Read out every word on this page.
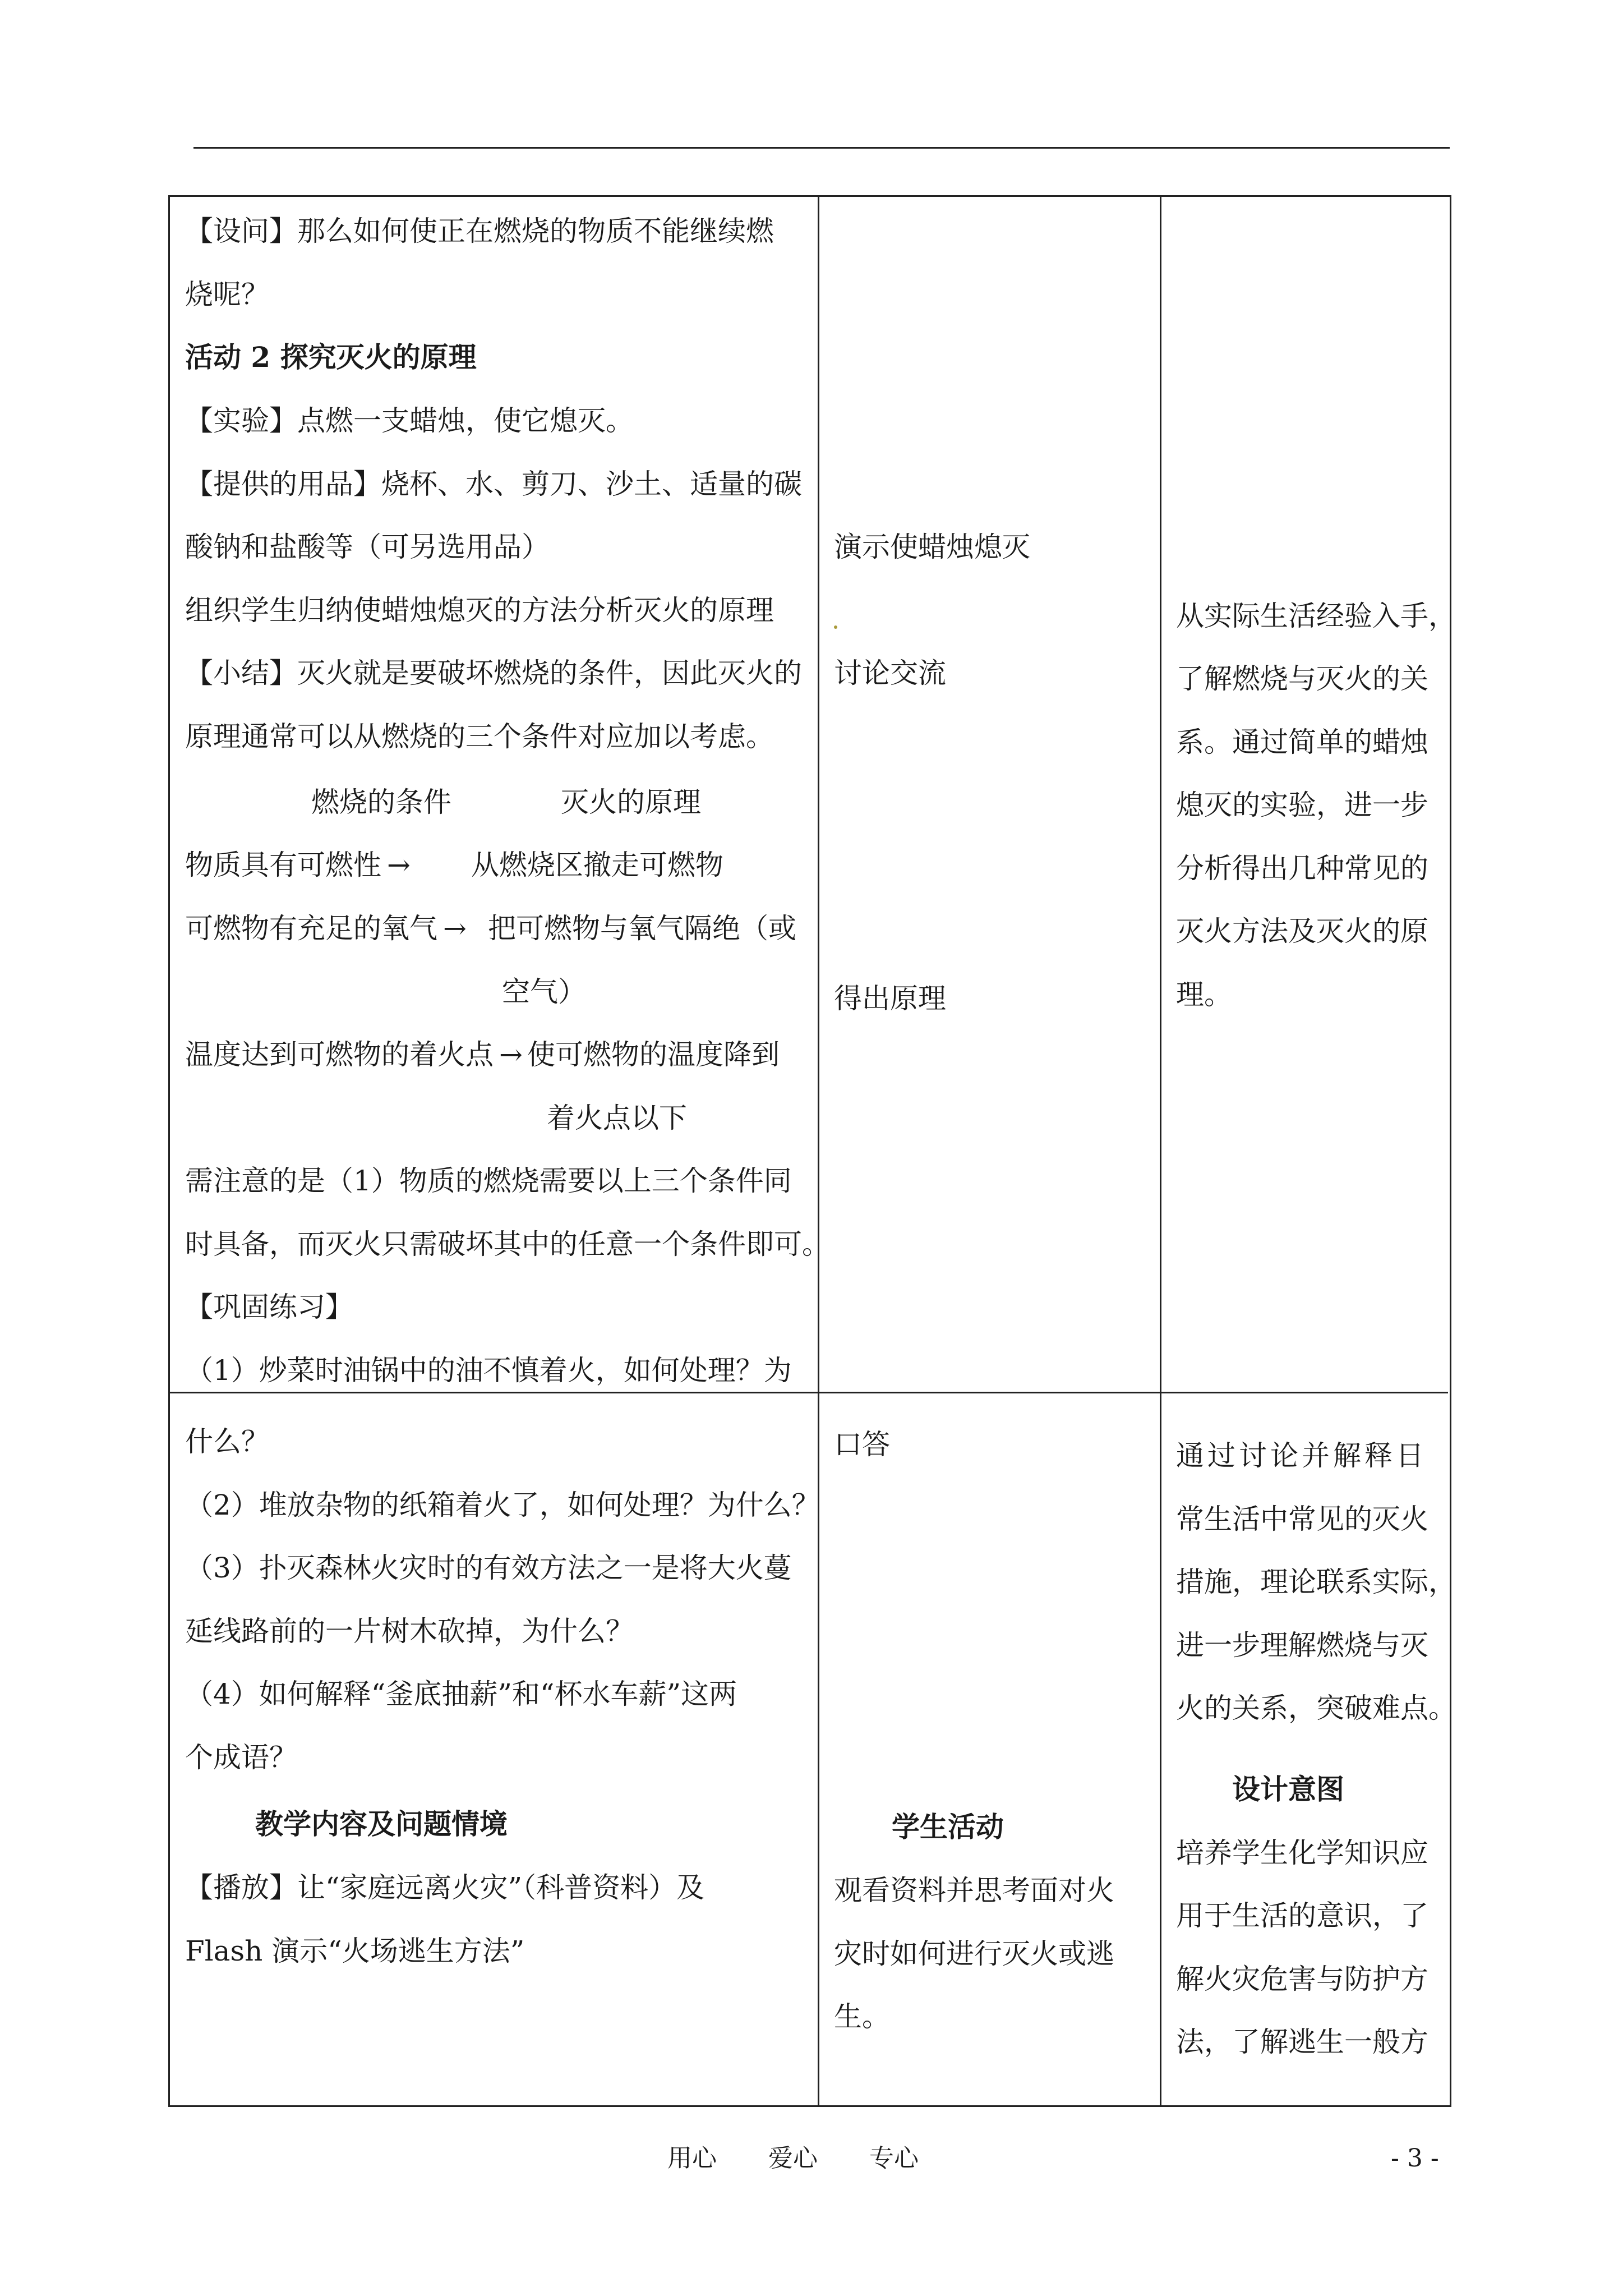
【设问】那么如何使正在燃烧的物质不能继续燃
烧呢？
活动 2 探究灭火的原理
【实验】点燃一支蜡烛，使它熄灭。
【提供的用品】烧杯、水、剪刀、沙土、适量的碳
酸钠和盐酸等（可另选用品）
组织学生归纳使蜡烛熄灭的方法分析灭火的原理
【小结】灭火就是要破坏燃烧的条件，因此灭火的
原理通常可以从燃烧的三个条件对应加以考虑。
燃烧的条件	灭火的原理
物质具有可燃性 → 从燃烧区撤走可燃物
可燃物有充足的氧气 → 把可燃物与氧气隔绝（或
空气）
温度达到可燃物的着火点 → 使可燃物的温度降到
着火点以下
需注意的是（1）物质的燃烧需要以上三个条件同
时具备，而灭火只需破坏其中的任意一个条件即可。
【巩固练习】
（1）炒菜时油锅中的油不慎着火，如何处理？为
什么？
（2）堆放杂物的纸箱着火了，如何处理？为什么？
（3）扑灭森林火灾时的有效方法之一是将大火蔓
延线路前的一片树木砍掉，为什么？
（4）如何解释“釜底抽薪”和“杯水车薪”这两
个成语？
教学内容及问题情境
【播放】让“家庭远离火灾”（科普资料）及
Flash 演示“火场逃生方法”
演示使蜡烛熄灭
讨论交流
得出原理
口答
学生活动
观看资料并思考面对火
灾时如何进行灭火或逃
生。
从实际生活经验入手，
了解燃烧与灭火的关
系。通过简单的蜡烛
熄灭的实验，进一步
分析得出几种常见的
灭火方法及灭火的原
理。
通过讨论并解释日
常生活中常见的灭火
措施，理论联系实际，
进一步理解燃烧与灭
火的关系，突破难点。
设计意图
培养学生化学知识应
用于生活的意识，了
解火灾危害与防护方
法，了解逃生一般方
用心 爱心 专心	- 3 -
